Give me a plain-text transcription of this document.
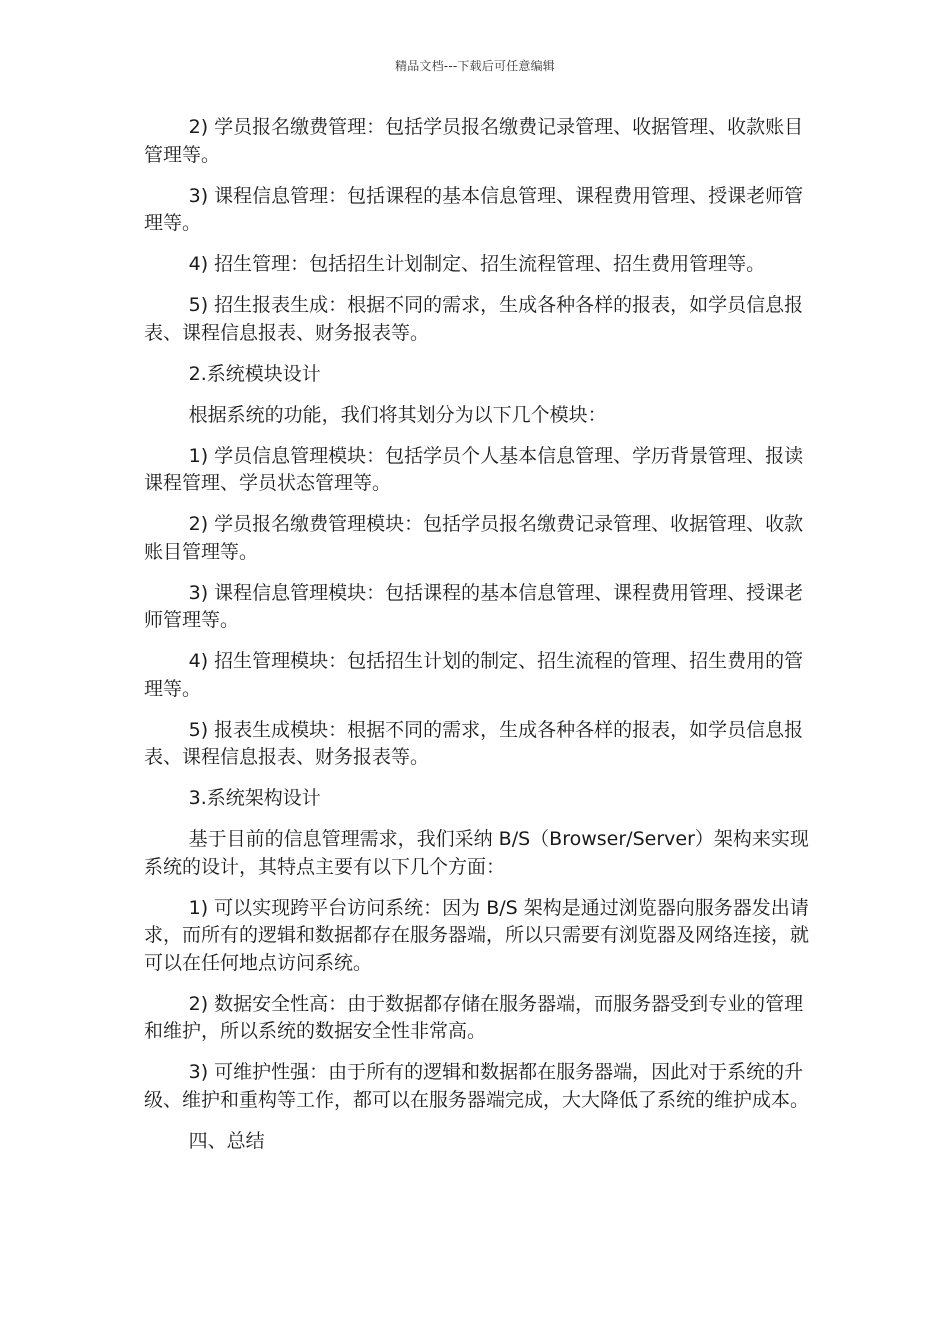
精品文档---下载后可任意编辑

2) 学员报名缴费管理：包括学员报名缴费记录管理、收据管理、收款账目管理等。

3) 课程信息管理：包括课程的基本信息管理、课程费用管理、授课老师管理等。

4) 招生管理：包括招生计划制定、招生流程管理、招生费用管理等。

5) 招生报表生成：根据不同的需求，生成各种各样的报表，如学员信息报表、课程信息报表、财务报表等。

2.系统模块设计

根据系统的功能，我们将其划分为以下几个模块：

1) 学员信息管理模块：包括学员个人基本信息管理、学历背景管理、报读课程管理、学员状态管理等。

2) 学员报名缴费管理模块：包括学员报名缴费记录管理、收据管理、收款账目管理等。

3) 课程信息管理模块：包括课程的基本信息管理、课程费用管理、授课老师管理等。

4) 招生管理模块：包括招生计划的制定、招生流程的管理、招生费用的管理等。

5) 报表生成模块：根据不同的需求，生成各种各样的报表，如学员信息报表、课程信息报表、财务报表等。

3.系统架构设计

基于目前的信息管理需求，我们采纳 B/S（Browser/Server）架构来实现系统的设计，其特点主要有以下几个方面：

1) 可以实现跨平台访问系统：因为 B/S 架构是通过浏览器向服务器发出请求，而所有的逻辑和数据都存在服务器端，所以只需要有浏览器及网络连接，就可以在任何地点访问系统。

2) 数据安全性高：由于数据都存储在服务器端，而服务器受到专业的管理和维护，所以系统的数据安全性非常高。

3) 可维护性强：由于所有的逻辑和数据都在服务器端，因此对于系统的升级、维护和重构等工作，都可以在服务器端完成，大大降低了系统的维护成本。

四、总结
